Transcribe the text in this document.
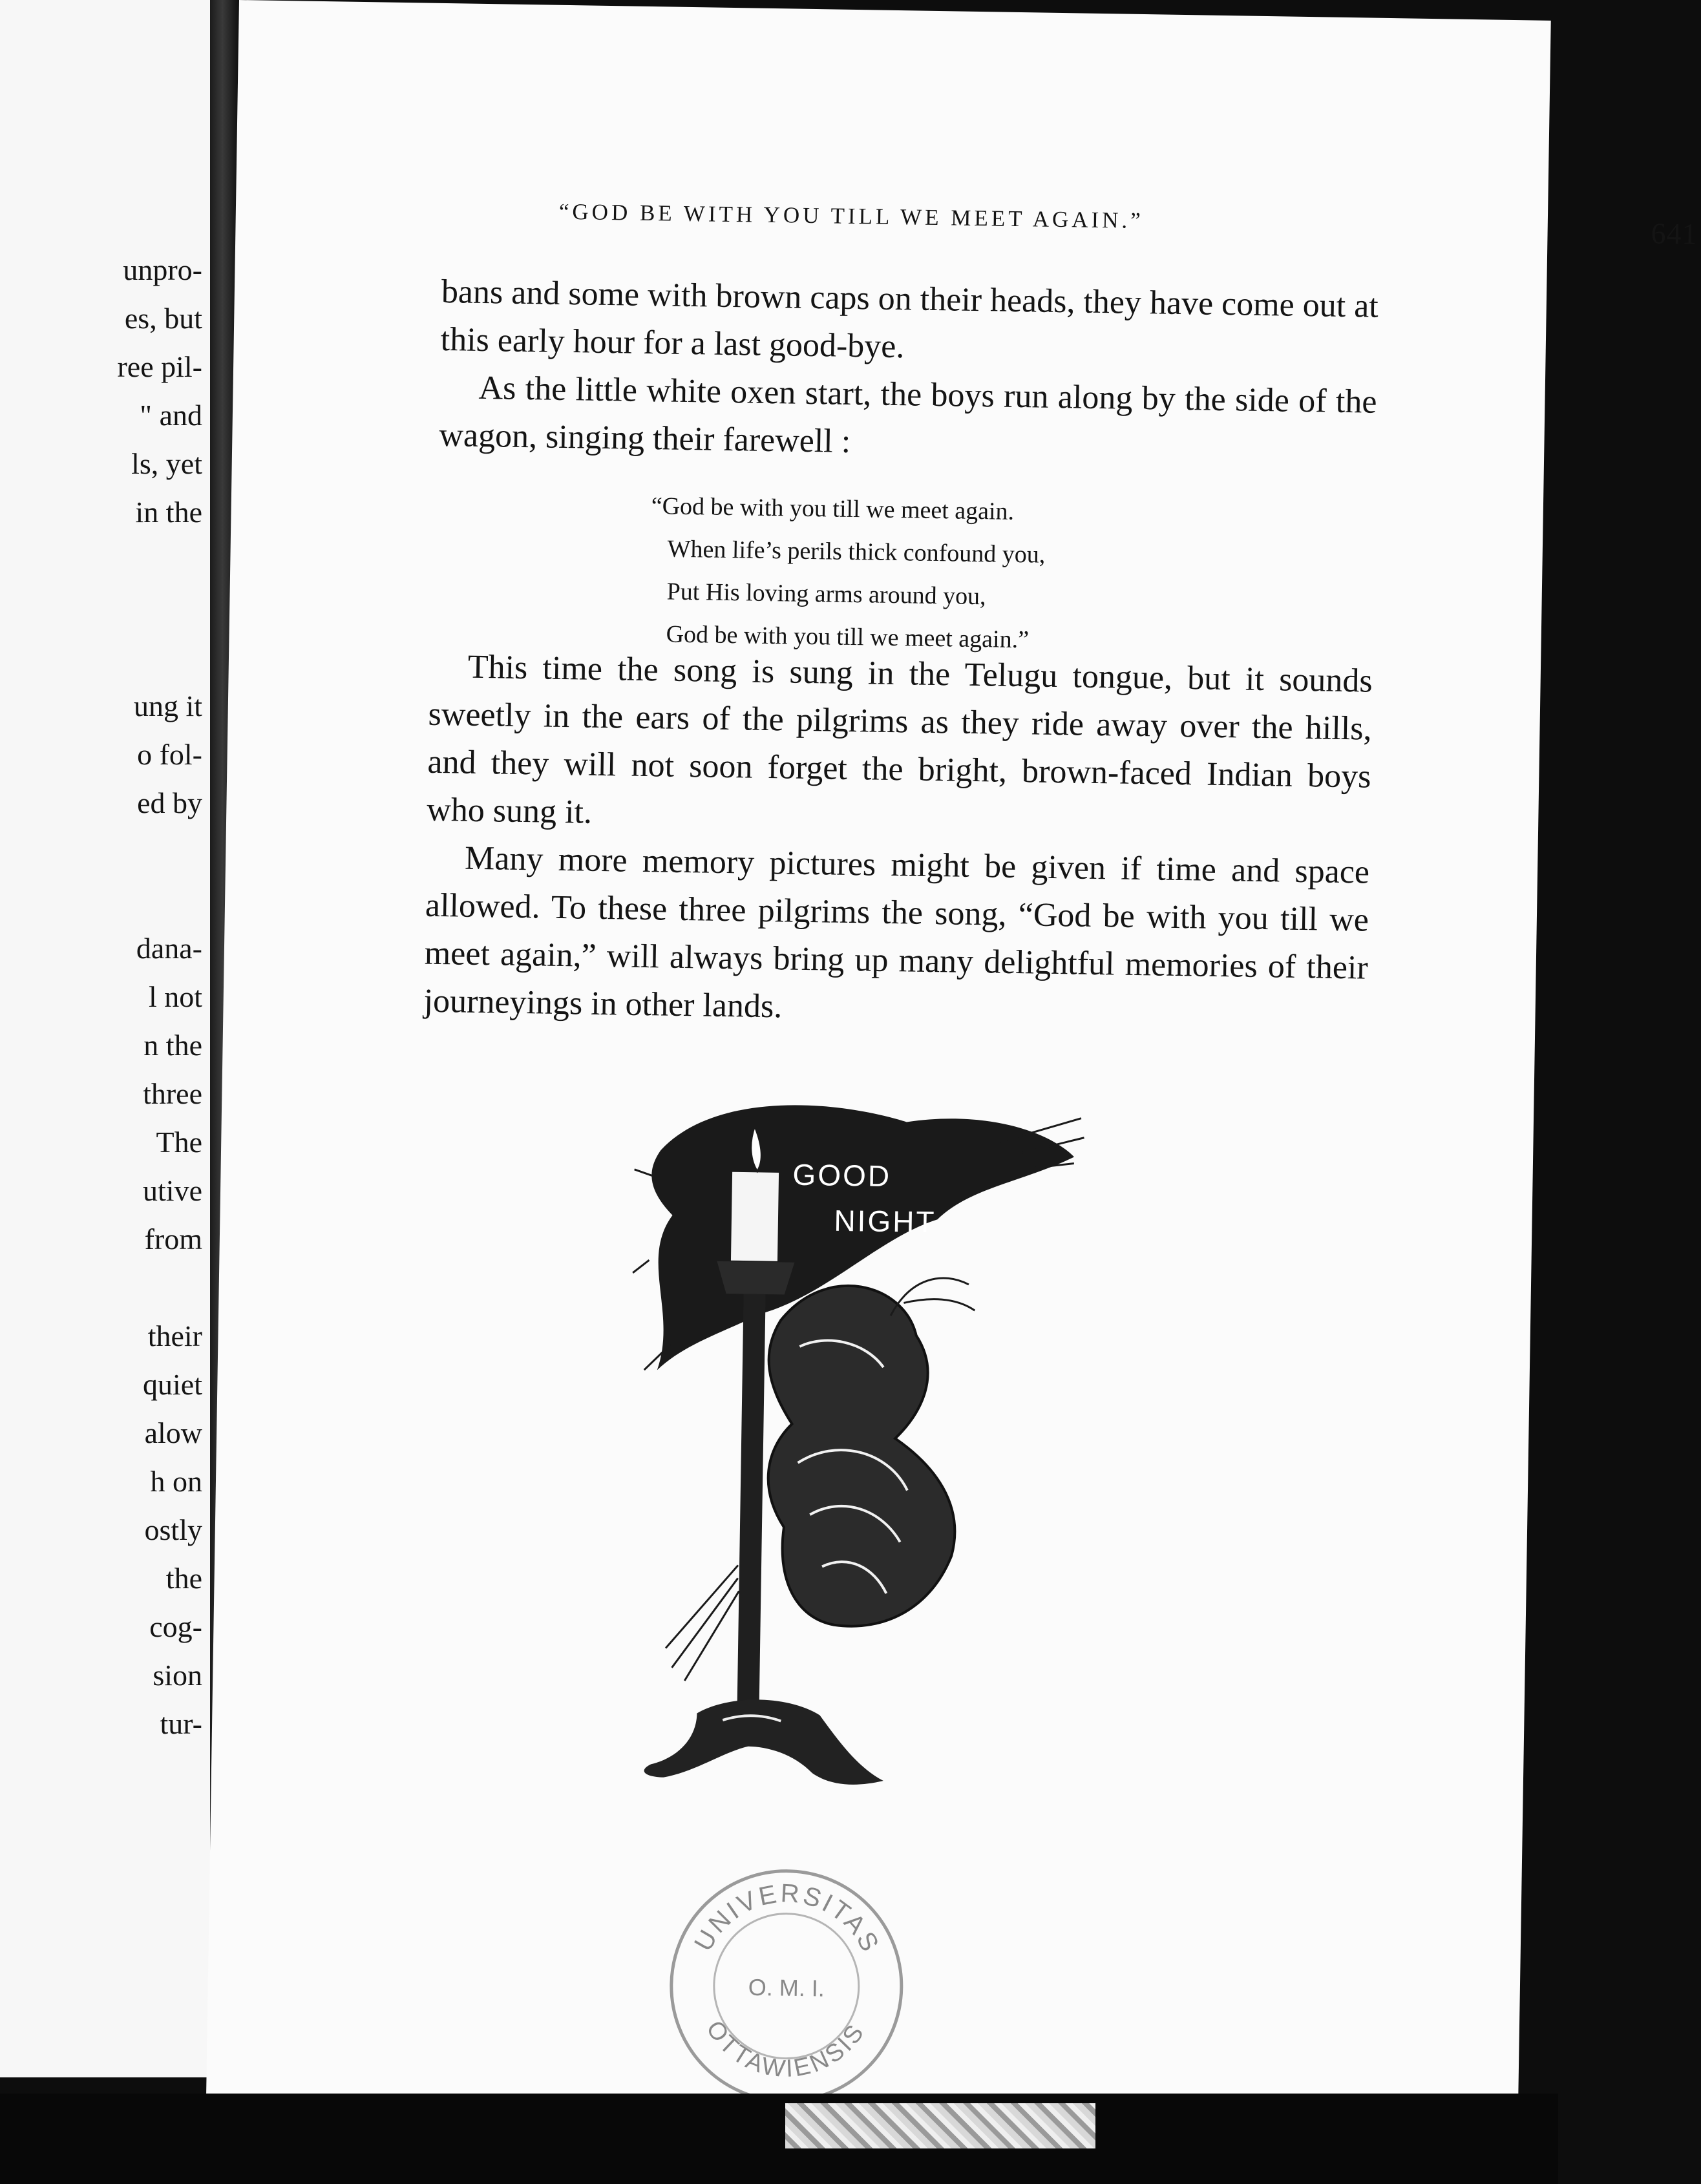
unpro-
es, but
ree pil-
" and
ls, yet
in the
ung it
o fol-
ed by
dana-
l not
n the
three
The
utive
from
their
quiet
alow
h on
ostly
the
cog-
sion
tur-
“GOD BE WITH YOU TILL WE MEET AGAIN.”
641

bans and some with brown caps on their heads, they have come out at this early hour for a last good-bye.

As the little white oxen start, the boys run along by the side of the wagon, singing their farewell :

“God be with you till we meet again.
When life’s perils thick confound you,
Put His loving arms around you,
God be with you till we meet again.”

This time the song is sung in the Telugu tongue, but it sounds sweetly in the ears of the pilgrims as they ride away over the hills, and they will not soon forget the bright, brown-faced Indian boys who sung it.

Many more memory pictures might be given if time and space allowed. To these three pilgrims the song, “God be with you till we meet again,” will always bring up many delightful memories of their journeyings in other lands.

GOOD
NIGHT
UNIVERSITAS
O. M. I.
OTTAWIENSIS
